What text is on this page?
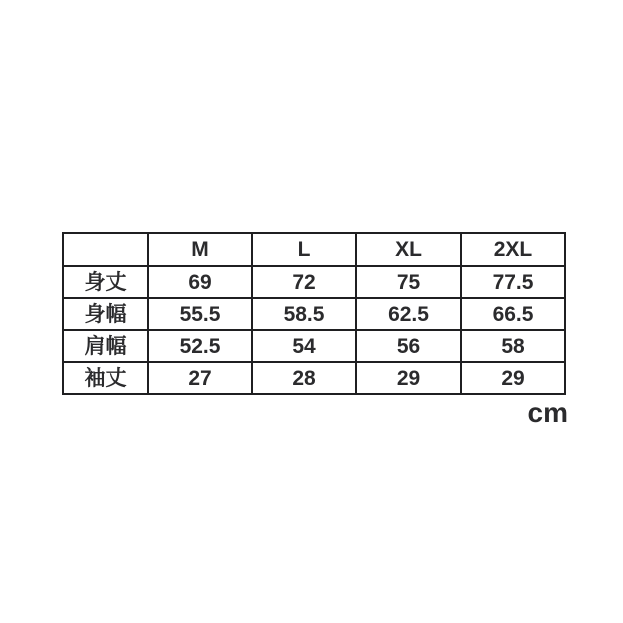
	M	L	XL	2XL
身丈	69	72	75	77.5
身幅	55.5	58.5	62.5	66.5
肩幅	52.5	54	56	58
袖丈	27	28	29	29
cm
